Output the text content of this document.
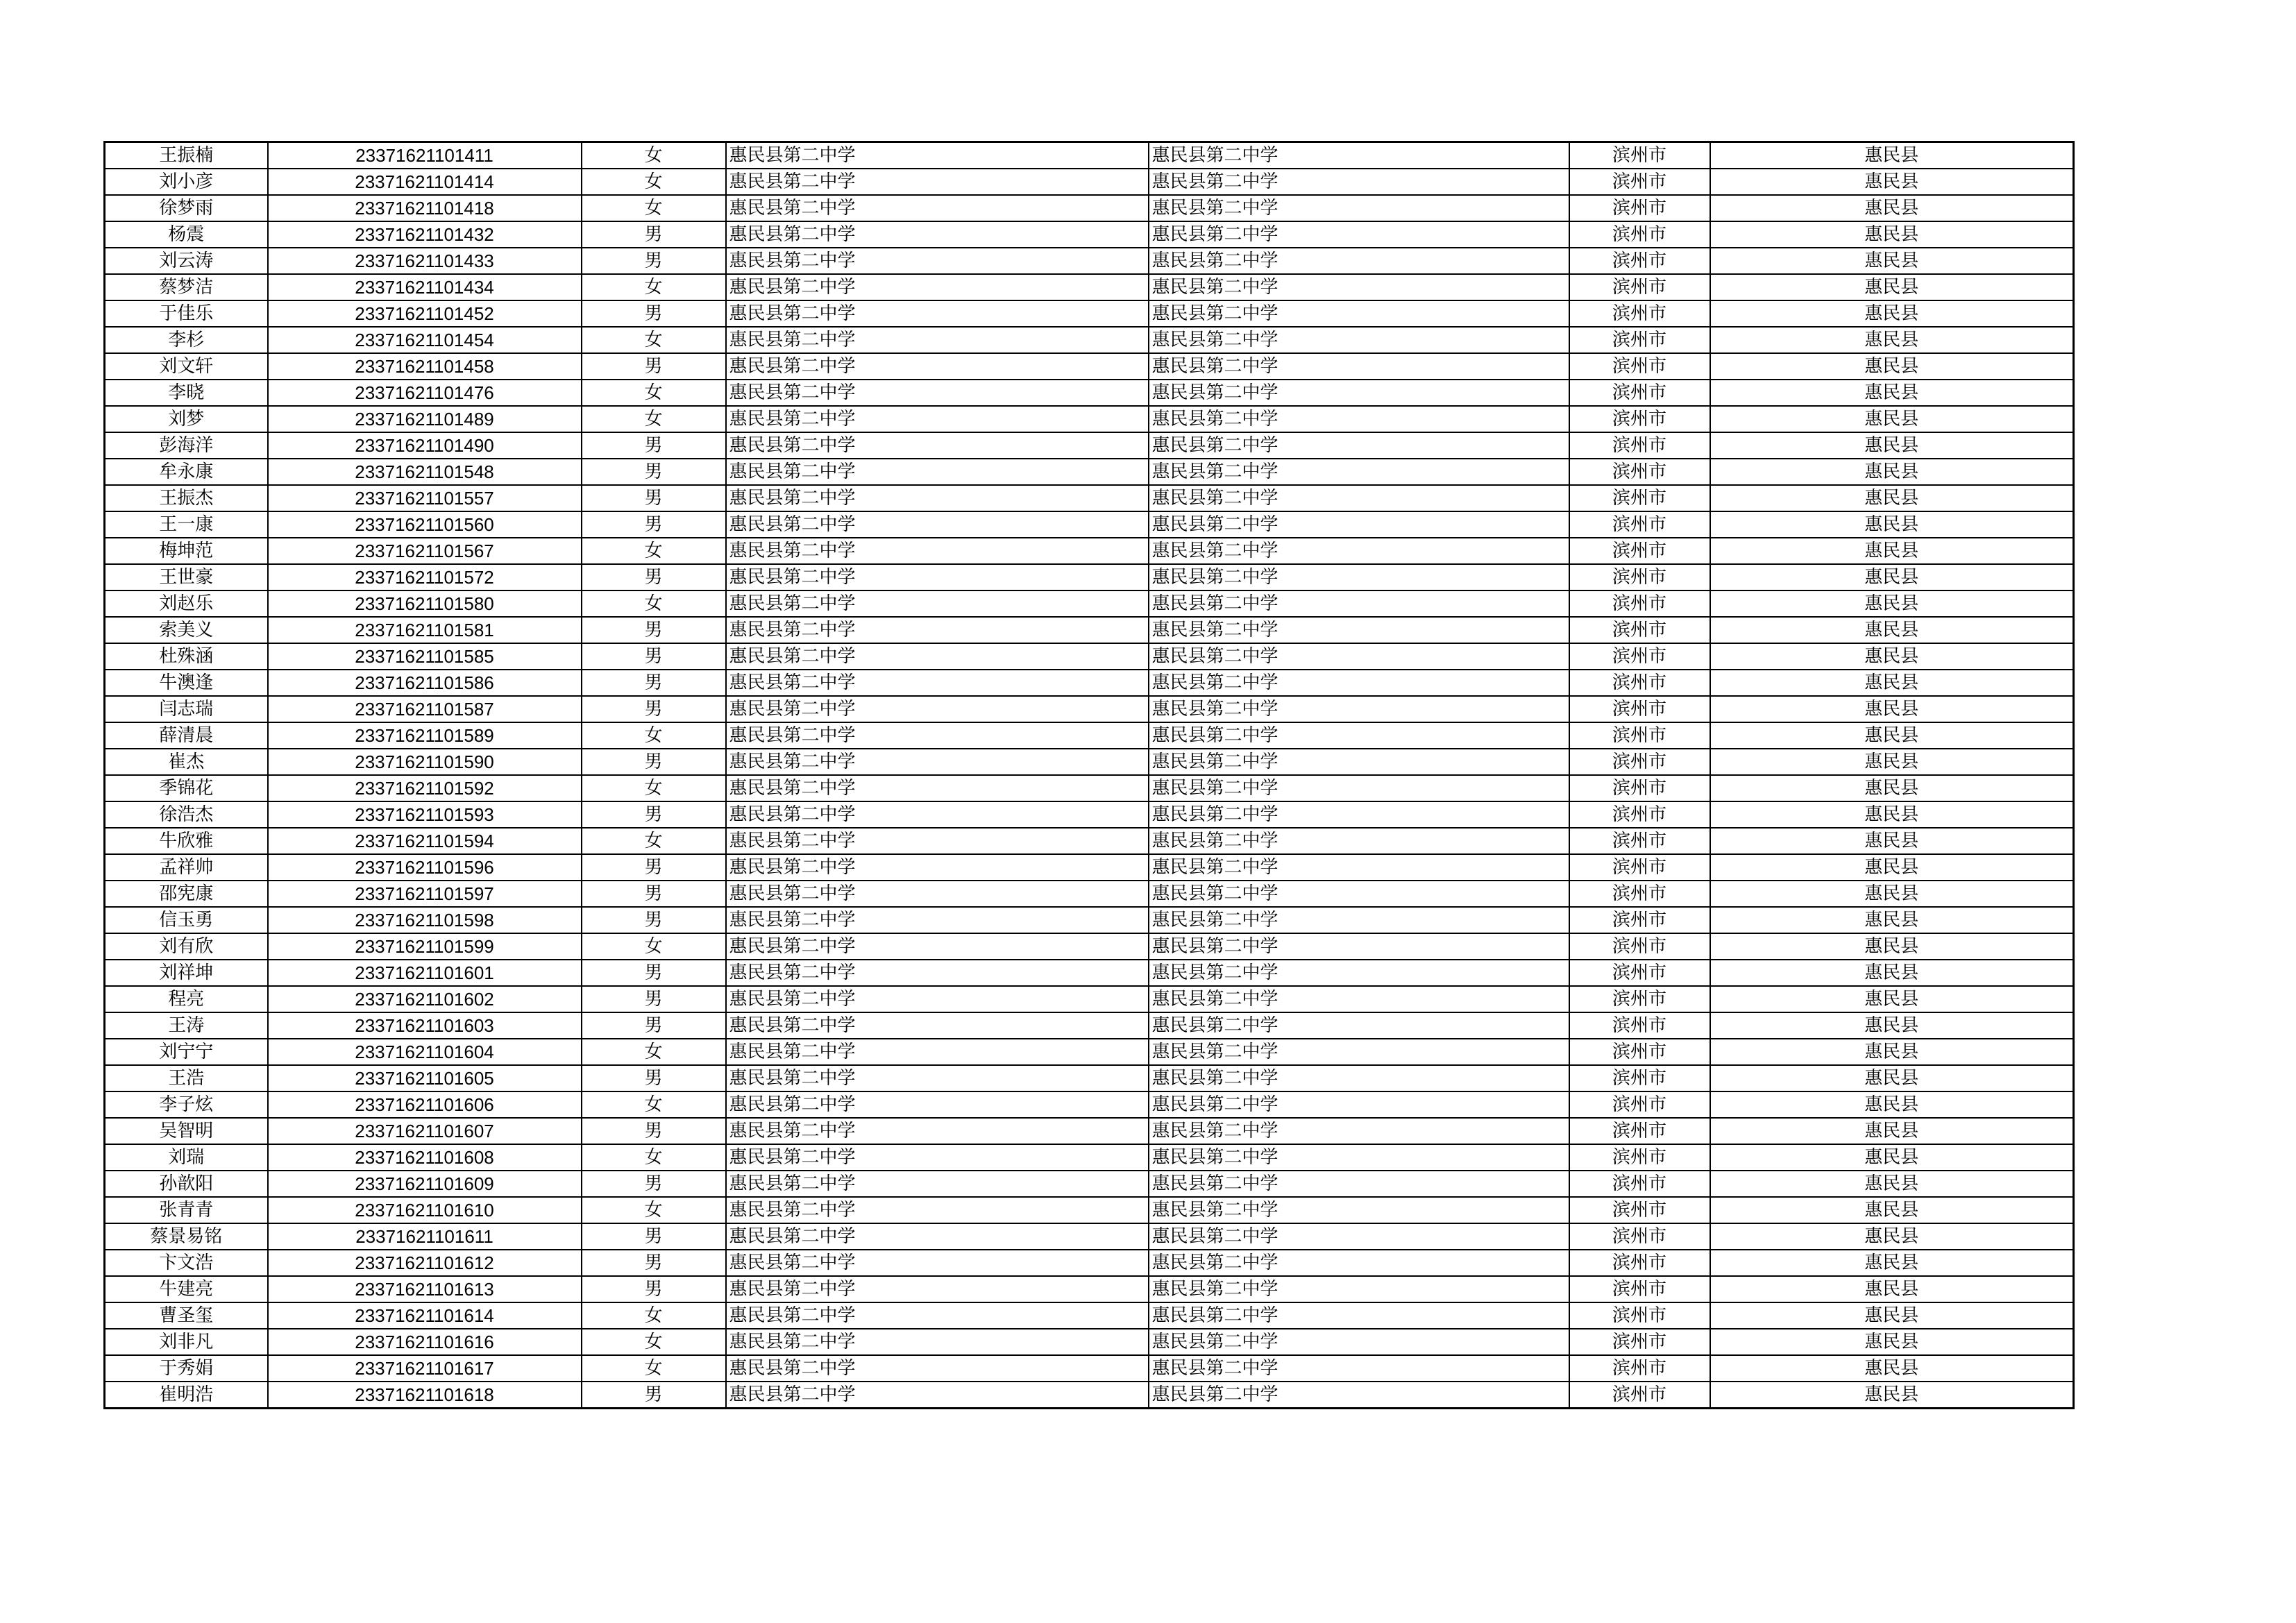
王振楠	23371621101411	女	惠民县第二中学	惠民县第二中学	滨州市	惠民县
刘小彦	23371621101414	女	惠民县第二中学	惠民县第二中学	滨州市	惠民县
徐梦雨	23371621101418	女	惠民县第二中学	惠民县第二中学	滨州市	惠民县
杨震	23371621101432	男	惠民县第二中学	惠民县第二中学	滨州市	惠民县
刘云涛	23371621101433	男	惠民县第二中学	惠民县第二中学	滨州市	惠民县
蔡梦洁	23371621101434	女	惠民县第二中学	惠民县第二中学	滨州市	惠民县
于佳乐	23371621101452	男	惠民县第二中学	惠民县第二中学	滨州市	惠民县
李杉	23371621101454	女	惠民县第二中学	惠民县第二中学	滨州市	惠民县
刘文轩	23371621101458	男	惠民县第二中学	惠民县第二中学	滨州市	惠民县
李晓	23371621101476	女	惠民县第二中学	惠民县第二中学	滨州市	惠民县
刘梦	23371621101489	女	惠民县第二中学	惠民县第二中学	滨州市	惠民县
彭海洋	23371621101490	男	惠民县第二中学	惠民县第二中学	滨州市	惠民县
牟永康	23371621101548	男	惠民县第二中学	惠民县第二中学	滨州市	惠民县
王振杰	23371621101557	男	惠民县第二中学	惠民县第二中学	滨州市	惠民县
王一康	23371621101560	男	惠民县第二中学	惠民县第二中学	滨州市	惠民县
梅坤范	23371621101567	女	惠民县第二中学	惠民县第二中学	滨州市	惠民县
王世豪	23371621101572	男	惠民县第二中学	惠民县第二中学	滨州市	惠民县
刘赵乐	23371621101580	女	惠民县第二中学	惠民县第二中学	滨州市	惠民县
索美义	23371621101581	男	惠民县第二中学	惠民县第二中学	滨州市	惠民县
杜殊涵	23371621101585	男	惠民县第二中学	惠民县第二中学	滨州市	惠民县
牛澳逢	23371621101586	男	惠民县第二中学	惠民县第二中学	滨州市	惠民县
闫志瑞	23371621101587	男	惠民县第二中学	惠民县第二中学	滨州市	惠民县
薛清晨	23371621101589	女	惠民县第二中学	惠民县第二中学	滨州市	惠民县
崔杰	23371621101590	男	惠民县第二中学	惠民县第二中学	滨州市	惠民县
季锦花	23371621101592	女	惠民县第二中学	惠民县第二中学	滨州市	惠民县
徐浩杰	23371621101593	男	惠民县第二中学	惠民县第二中学	滨州市	惠民县
牛欣雅	23371621101594	女	惠民县第二中学	惠民县第二中学	滨州市	惠民县
孟祥帅	23371621101596	男	惠民县第二中学	惠民县第二中学	滨州市	惠民县
邵宪康	23371621101597	男	惠民县第二中学	惠民县第二中学	滨州市	惠民县
信玉勇	23371621101598	男	惠民县第二中学	惠民县第二中学	滨州市	惠民县
刘有欣	23371621101599	女	惠民县第二中学	惠民县第二中学	滨州市	惠民县
刘祥坤	23371621101601	男	惠民县第二中学	惠民县第二中学	滨州市	惠民县
程亮	23371621101602	男	惠民县第二中学	惠民县第二中学	滨州市	惠民县
王涛	23371621101603	男	惠民县第二中学	惠民县第二中学	滨州市	惠民县
刘宁宁	23371621101604	女	惠民县第二中学	惠民县第二中学	滨州市	惠民县
王浩	23371621101605	男	惠民县第二中学	惠民县第二中学	滨州市	惠民县
李子炫	23371621101606	女	惠民县第二中学	惠民县第二中学	滨州市	惠民县
吴智明	23371621101607	男	惠民县第二中学	惠民县第二中学	滨州市	惠民县
刘瑞	23371621101608	女	惠民县第二中学	惠民县第二中学	滨州市	惠民县
孙歆阳	23371621101609	男	惠民县第二中学	惠民县第二中学	滨州市	惠民县
张青青	23371621101610	女	惠民县第二中学	惠民县第二中学	滨州市	惠民县
蔡景易铭	23371621101611	男	惠民县第二中学	惠民县第二中学	滨州市	惠民县
卞文浩	23371621101612	男	惠民县第二中学	惠民县第二中学	滨州市	惠民县
牛建亮	23371621101613	男	惠民县第二中学	惠民县第二中学	滨州市	惠民县
曹圣玺	23371621101614	女	惠民县第二中学	惠民县第二中学	滨州市	惠民县
刘非凡	23371621101616	女	惠民县第二中学	惠民县第二中学	滨州市	惠民县
于秀娟	23371621101617	女	惠民县第二中学	惠民县第二中学	滨州市	惠民县
崔明浩	23371621101618	男	惠民县第二中学	惠民县第二中学	滨州市	惠民县
